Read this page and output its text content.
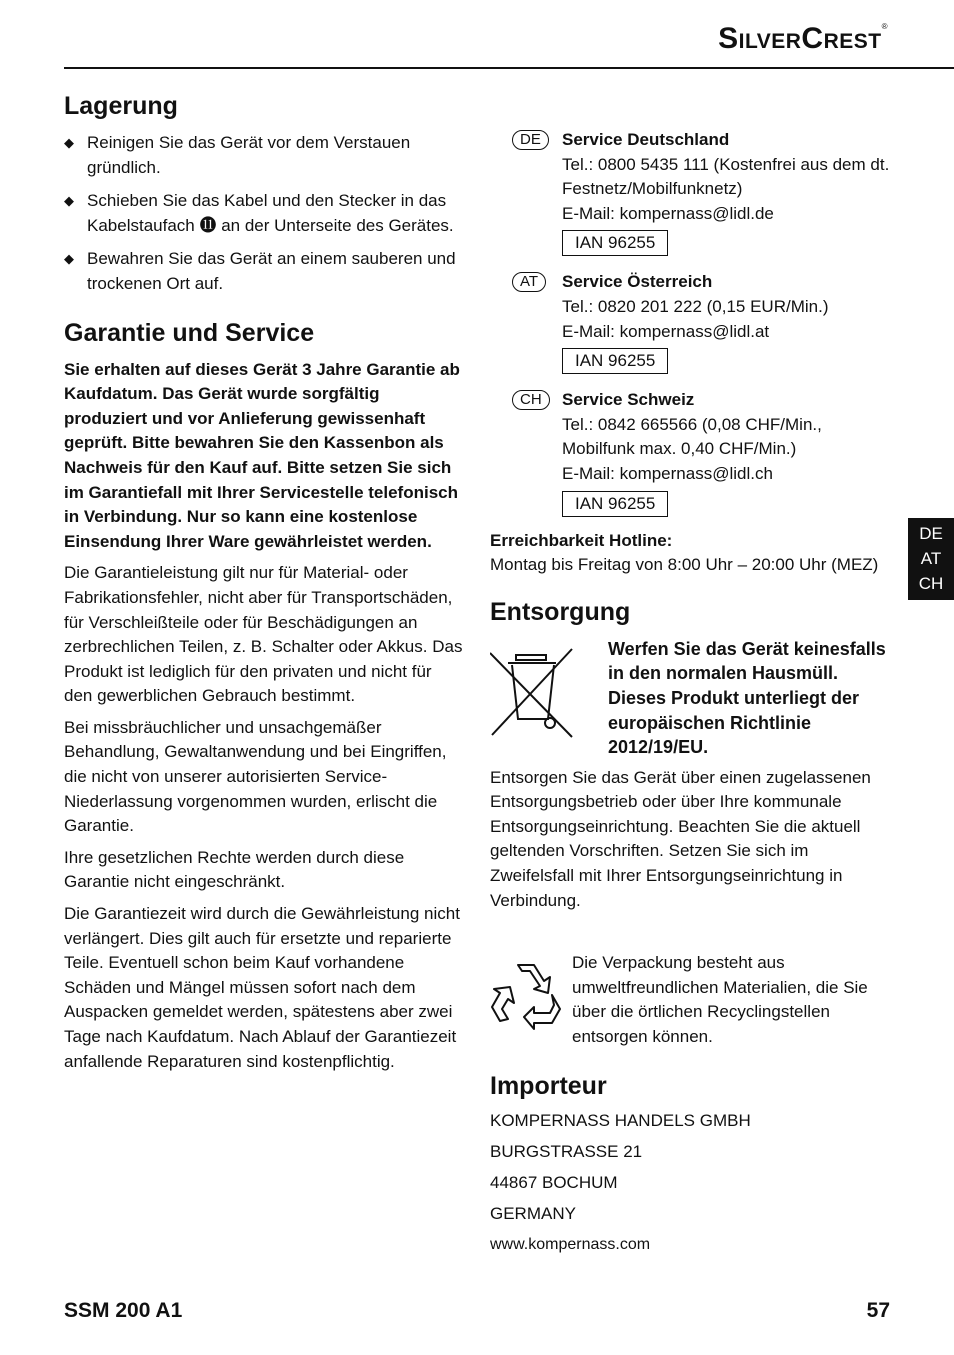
SilverCrest®
Lagerung
◆ Reinigen Sie das Gerät vor dem Verstauen gründlich.
◆ Schieben Sie das Kabel und den Stecker in das Kabelstaufach ⓫ an der Unterseite des Gerätes.
◆ Bewahren Sie das Gerät an einem sauberen und trockenen Ort auf.
Garantie und Service

Sie erhalten auf dieses Gerät 3 Jahre Garantie ab Kaufdatum. Das Gerät wurde sorgfältig produziert und vor Anlieferung gewissenhaft geprüft. Bitte bewahren Sie den Kassenbon als Nachweis für den Kauf auf. Bitte setzen Sie sich im Garantiefall mit Ihrer Servicestelle telefonisch in Verbindung. Nur so kann eine kostenlose Einsendung Ihrer Ware gewährleistet werden.

Die Garantieleistung gilt nur für Material- oder Fabrikationsfehler, nicht aber für Transportschäden, für Verschleißteile oder für Beschädigungen an zerbrechlichen Teilen, z. B. Schalter oder Akkus. Das Produkt ist lediglich für den privaten und nicht für den gewerblichen Gebrauch bestimmt.

Bei missbräuchlicher und unsachgemäßer Behandlung, Gewaltanwendung und bei Eingriffen, die nicht von unserer autorisierten Service-Niederlassung vorgenommen wurden, erlischt die Garantie.

Ihre gesetzlichen Rechte werden durch diese Garantie nicht eingeschränkt.

Die Garantiezeit wird durch die Gewährleistung nicht verlängert. Dies gilt auch für ersetzte und reparierte Teile. Eventuell schon beim Kauf vorhandene Schäden und Mängel müssen sofort nach dem Auspacken gemeldet werden, spätestens aber zwei Tage nach Kaufdatum. Nach Ablauf der Garantiezeit anfallende Reparaturen sind kostenpflichtig.

DE	Service Deutschland

Tel.: 0800 5435 111 (Kostenfrei aus dem dt. Festnetz/Mobilfunknetz)

E-Mail: kompernass@lidl.de

IAN 96255
AT	Service Österreich

Tel.: 0820 201 222 (0,15 EUR/Min.)

E-Mail: kompernass@lidl.at

IAN 96255
CH	Service Schweiz

Tel.: 0842 665566 (0,08 CHF/Min., Mobilfunk max. 0,40 CHF/Min.)

E-Mail: kompernass@lidl.ch

IAN 96255

Erreichbarkeit Hotline:

Montag bis Freitag von 8:00 Uhr – 20:00 Uhr (MEZ)

Entsorgung

Werfen Sie das Gerät keinesfalls in den normalen Hausmüll. Dieses Produkt unterliegt der europäischen Richtlinie 2012/19/EU.

Entsorgen Sie das Gerät über einen zugelassenen Entsorgungsbetrieb oder über Ihre kommunale Entsorgungseinrichtung. Beachten Sie die aktuell geltenden Vorschriften. Setzen Sie sich im Zweifelsfall mit Ihrer Entsorgungseinrichtung in Verbindung.

Die Verpackung besteht aus umweltfreundlichen Materialien, die Sie über die örtlichen Recyclingstellen entsorgen können.

Importeur

KOMPERNASS HANDELS GMBH

BURGSTRASSE 21

44867 BOCHUM

GERMANY

www.kompernass.com

DE
AT
CH
SSM 200 A1	57
